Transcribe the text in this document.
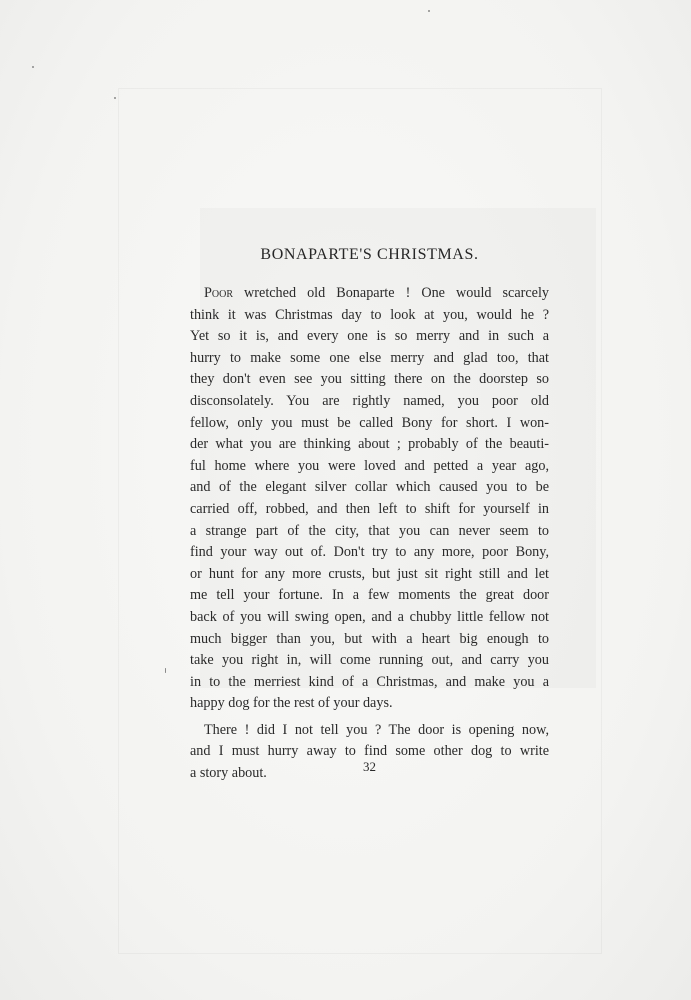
BONAPARTE'S CHRISTMAS.
Poor wretched old Bonaparte ! One would scarcely
think it was Christmas day to look at you, would he ?
Yet so it is, and every one is so merry and in such a
hurry to make some one else merry and glad too, that
they don't even see you sitting there on the doorstep so
disconsolately. You are rightly named, you poor old
fellow, only you must be called Bony for short. I won-
der what you are thinking about ; probably of the beauti-
ful home where you were loved and petted a year ago,
and of the elegant silver collar which caused you to be
carried off, robbed, and then left to shift for yourself in
a strange part of the city, that you can never seem to
find your way out of. Don't try to any more, poor Bony,
or hunt for any more crusts, but just sit right still and let
me tell your fortune. In a few moments the great door
back of you will swing open, and a chubby little fellow not
much bigger than you, but with a heart big enough to
take you right in, will come running out, and carry you
in to the merriest kind of a Christmas, and make you a
happy dog for the rest of your days.
There ! did I not tell you ? The door is opening now,
and I must hurry away to find some other dog to write
a story about.	32
